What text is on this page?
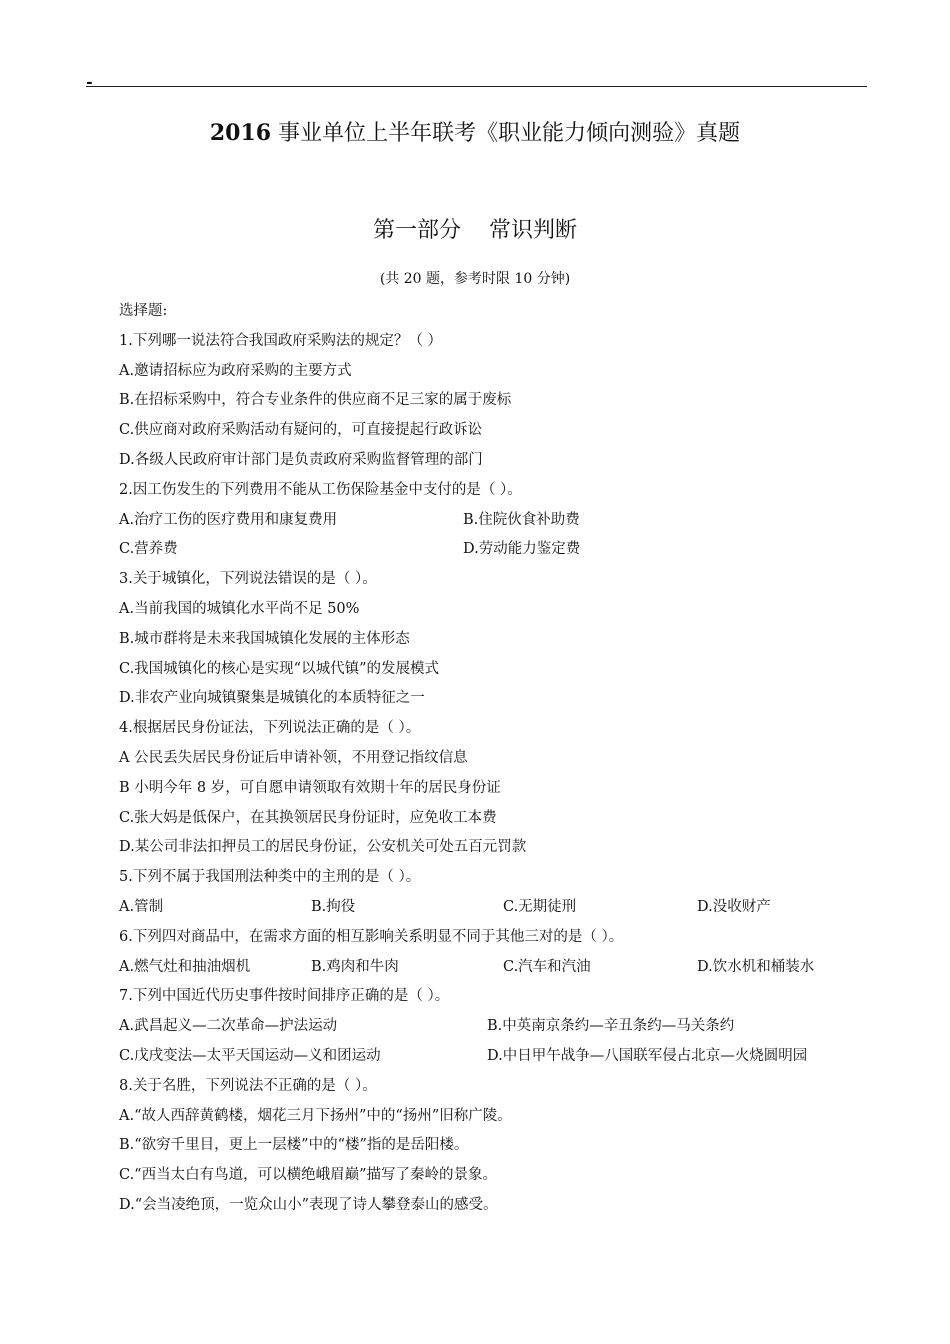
-
2016 事业单位上半年联考《职业能力倾向测验》真题
第一部分    常识判断
(共 20 题，参考时限 10 分钟)
选择题:
1.下列哪一说法符合我国政府采购法的规定？（ ）
A.邀请招标应为政府采购的主要方式
B.在招标采购中，符合专业条件的供应商不足三家的属于废标
C.供应商对政府采购活动有疑问的，可直接提起行政诉讼
D.各级人民政府审计部门是负责政府采购监督管理的部门
2.因工伤发生的下列费用不能从工伤保险基金中支付的是（ ）。
A.治疗工伤的医疗费用和康复费用	B.住院伙食补助费
C.营养费	D.劳动能力鉴定费
3.关于城镇化，下列说法错误的是（ ）。
A.当前我国的城镇化水平尚不足 50%
B.城市群将是未来我国城镇化发展的主体形态
C.我国城镇化的核心是实现“以城代镇”的发展模式
D.非农产业向城镇聚集是城镇化的本质特征之一
4.根据居民身份证法，下列说法正确的是（ ）。
A 公民丢失居民身份证后申请补领，不用登记指纹信息
B 小明今年 8 岁，可自愿申请领取有效期十年的居民身份证
C.张大妈是低保户，在其换领居民身份证时，应免收工本费
D.某公司非法扣押员工的居民身份证，公安机关可处五百元罚款
5.下列不属于我国刑法种类中的主刑的是（ ）。
A.管制	B.拘役	C.无期徒刑	D.没收财产
6.下列四对商品中，在需求方面的相互影响关系明显不同于其他三对的是（ ）。
A.燃气灶和抽油烟机	B.鸡肉和牛肉	C.汽车和汽油	D.饮水机和桶装水
7.下列中国近代历史事件按时间排序正确的是（ ）。
A.武昌起义—二次革命—护法运动	B.中英南京条约—辛丑条约—马关条约
C.戊戌变法—太平天国运动—义和团运动	D.中日甲午战争—八国联军侵占北京—火烧圆明园
8.关于名胜，下列说法不正确的是（ ）。
A.“故人西辞黄鹤楼，烟花三月下扬州”中的“扬州”旧称广陵。
B.“欲穷千里目，更上一层楼”中的“楼”指的是岳阳楼。
C.“西当太白有鸟道，可以横绝峨眉巅”描写了秦岭的景象。
D.“会当凌绝顶，一览众山小”表现了诗人攀登泰山的感受。
